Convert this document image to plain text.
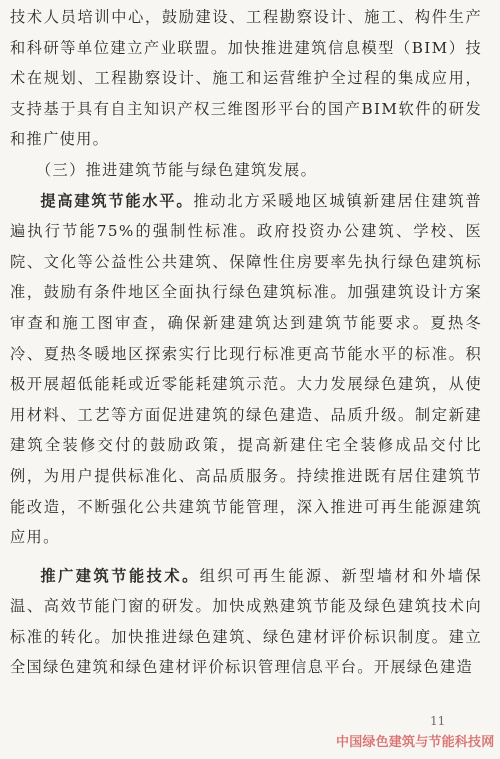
技术人员培训中心，鼓励建设、工程勘察设计、施工、构件生产和科研等单位建立产业联盟。加快推进建筑信息模型（BIM）技术在规划、工程勘察设计、施工和运营维护全过程的集成应用，支持基于具有自主知识产权三维图形平台的国产BIM软件的研发和推广使用。

（三）推进建筑节能与绿色建筑发展。

提高建筑节能水平。推动北方采暖地区城镇新建居住建筑普遍执行节能75%的强制性标准。政府投资办公建筑、学校、医院、文化等公益性公共建筑、保障性住房要率先执行绿色建筑标准，鼓励有条件地区全面执行绿色建筑标准。加强建筑设计方案审查和施工图审查，确保新建建筑达到建筑节能要求。夏热冬冷、夏热冬暖地区探索实行比现行标准更高节能水平的标准。积极开展超低能耗或近零能耗建筑示范。大力发展绿色建筑，从使用材料、工艺等方面促进建筑的绿色建造、品质升级。制定新建建筑全装修交付的鼓励政策，提高新建住宅全装修成品交付比例，为用户提供标准化、高品质服务。持续推进既有居住建筑节能改造，不断强化公共建筑节能管理，深入推进可再生能源建筑应用。

推广建筑节能技术。组织可再生能源、新型墙材和外墙保温、高效节能门窗的研发。加快成熟建筑节能及绿色建筑技术向标准的转化。加快推进绿色建筑、绿色建材评价标识制度。建立全国绿色建筑和绿色建材评价标识管理信息平台。开展绿色建造

11
中国绿色建筑与节能科技网
